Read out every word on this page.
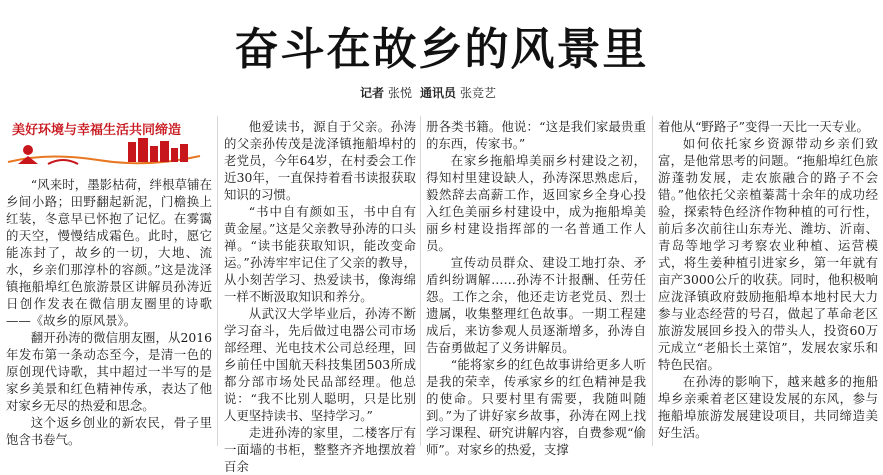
奋斗在故乡的风景里
记者 张悦 通讯员 张竞艺
美好环境与幸福生活共同缔造

“风来时，墨影枯荷，绊根草铺在乡间小路；田野翻起新泥，门檐换上红装，冬意早已怀抱了记忆。在雾霭的天空，慢慢结成霜色。此时，愿它能冻封了，故乡的一切，大地、流水，乡亲们那淳朴的容颜。”这是泷泽镇拖船埠红色旅游景区讲解员孙涛近日创作发表在微信朋友圈里的诗歌——《故乡的原风景》。

翻开孙涛的微信朋友圈，从2016年发布第一条动态至今，是清一色的原创现代诗歌，其中超过一半写的是家乡美景和红色精神传承，表达了他对家乡无尽的热爱和思念。

这个返乡创业的新农民，骨子里饱含书卷气。

他爱读书，源自于父亲。孙涛的父亲孙传茂是泷泽镇拖船埠村的老党员，今年64岁，在村委会工作近30年，一直保持着看书读报获取知识的习惯。

“书中自有颜如玉，书中自有黄金屋。”这是父亲教导孙涛的口头禅。“读书能获取知识，能改变命运。”孙涛牢牢记住了父亲的教导，从小刻苦学习、热爱读书，像海绵一样不断汲取知识和养分。

从武汉大学毕业后，孙涛不断学习奋斗，先后做过电器公司市场部经理、光电技术公司总经理，回乡前任中国航天科技集团503所成都分部市场处民品部经理。他总说：“我不比别人聪明，只是比别人更坚持读书、坚持学习。”

走进孙涛的家里，二楼客厅有一面墙的书柜，整整齐齐地摆放着百余

册各类书籍。他说：“这是我们家最贵重的东西，传家书。”

在家乡拖船埠美丽乡村建设之初，得知村里建设缺人，孙涛深思熟虑后，毅然辞去高薪工作，返回家乡全身心投入红色美丽乡村建设中，成为拖船埠美丽乡村建设指挥部的一名普通工作人员。

宣传动员群众、建设工地打杂、矛盾纠纷调解……孙涛不计报酬、任劳任怨。工作之余，他还走访老党员、烈士遗属，收集整理红色故事。一期工程建成后，来访参观人员逐渐增多，孙涛自告奋勇做起了义务讲解员。

“能将家乡的红色故事讲给更多人听是我的荣幸，传承家乡的红色精神是我的使命。只要村里有需要，我随叫随到。”为了讲好家乡故事，孙涛在网上找学习课程、研究讲解内容，自费参观“偷师”。对家乡的热爱，支撑

着他从“野路子”变得一天比一天专业。

如何依托家乡资源带动乡亲们致富，是他常思考的问题。“拖船埠红色旅游蓬勃发展，走农旅融合的路子不会错。”他依托父亲植蓁蒿十余年的成功经验，探索特色经济作物种植的可行性，前后多次前往山东寿光、潍坊、沂南、青岛等地学习考察农业种植、运营模式，将生姜种植引进家乡，第一年就有亩产3000公斤的收获。同时，他积极响应泷泽镇政府鼓励拖船埠本地村民大力参与业态经营的号召，做起了革命老区旅游发展回乡投入的带头人，投资60万元成立“老船长土菜馆”，发展农家乐和特色民宿。

在孙涛的影响下，越来越多的拖船埠乡亲乘着老区建设发展的东风，参与拖船埠旅游发展建设项目，共同缔造美好生活。
